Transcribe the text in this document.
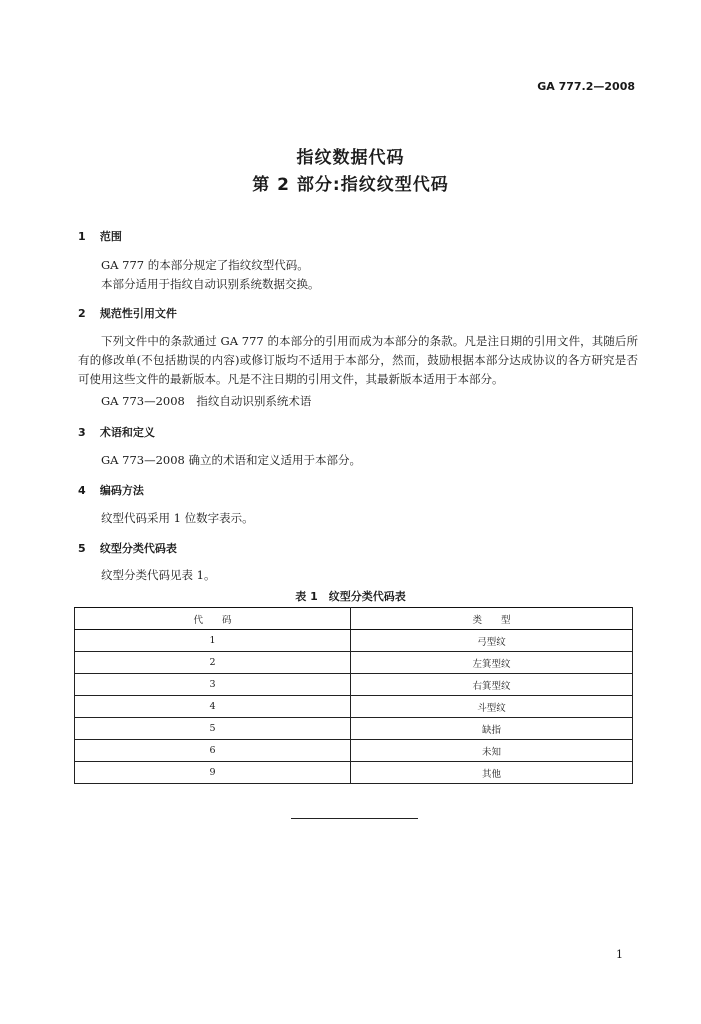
GA 777.2—2008
指纹数据代码
第 2 部分:指纹纹型代码
1 范围
GA 777 的本部分规定了指纹纹型代码。
本部分适用于指纹自动识别系统数据交换。
2 规范性引用文件

下列文件中的条款通过 GA 777 的本部分的引用而成为本部分的条款。凡是注日期的引用文件，其随后所有的修改单(不包括勘误的内容)或修订版均不适用于本部分，然而，鼓励根据本部分达成协议的各方研究是否可使用这些文件的最新版本。凡是不注日期的引用文件，其最新版本适用于本部分。

GA 773—2008　指纹自动识别系统术语
3 术语和定义
GA 773—2008 确立的术语和定义适用于本部分。
4 编码方法
纹型代码采用 1 位数字表示。
5 纹型分类代码表
纹型分类代码见表 1。
表 1　纹型分类代码表
代　　码	类　　型
1	弓型纹
2	左箕型纹
3	右箕型纹
4	斗型纹
5	缺指
6	未知
9	其他
1
